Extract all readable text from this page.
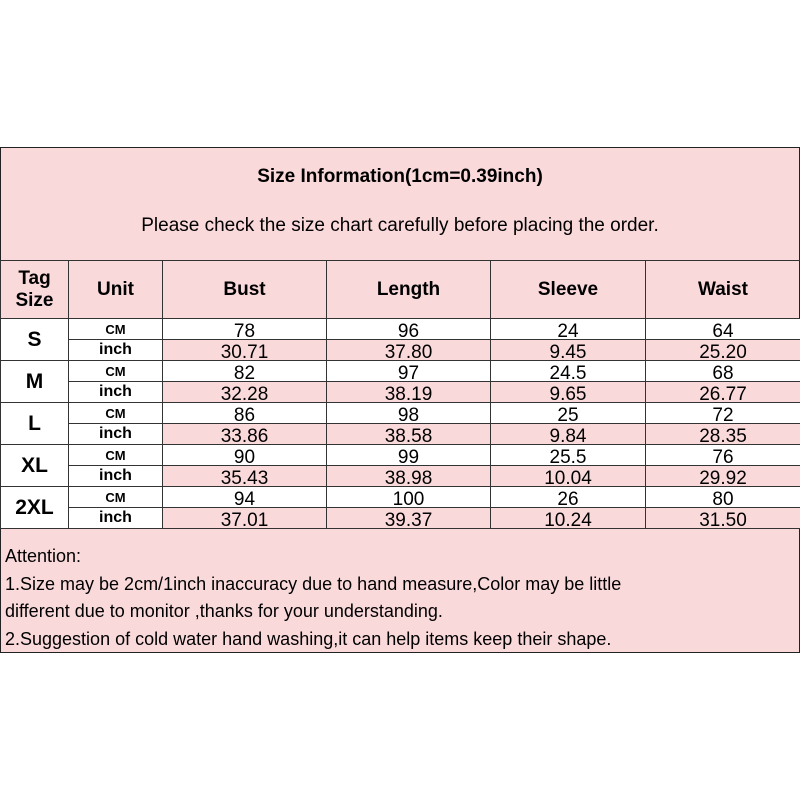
Size Information(1cm=0.39inch)
Please check the size chart carefully before placing the order.
Tag
Size	Unit	Bust	Length	Sleeve	Waist
S	CM	78	96	24	64
	inch	30.71	37.80	9.45	25.20
M	CM	82	97	24.5	68
	inch	32.28	38.19	9.65	26.77
L	CM	86	98	25	72
	inch	33.86	38.58	9.84	28.35
XL	CM	90	99	25.5	76
	inch	35.43	38.98	10.04	29.92
2XL	CM	94	100	26	80
	inch	37.01	39.37	10.24	31.50
Attention:
1.Size may be 2cm/1inch inaccuracy due to hand measure,Color may be little
different due to monitor ,thanks for your understanding.
2.Suggestion of cold water hand washing,it can help items keep their shape.
